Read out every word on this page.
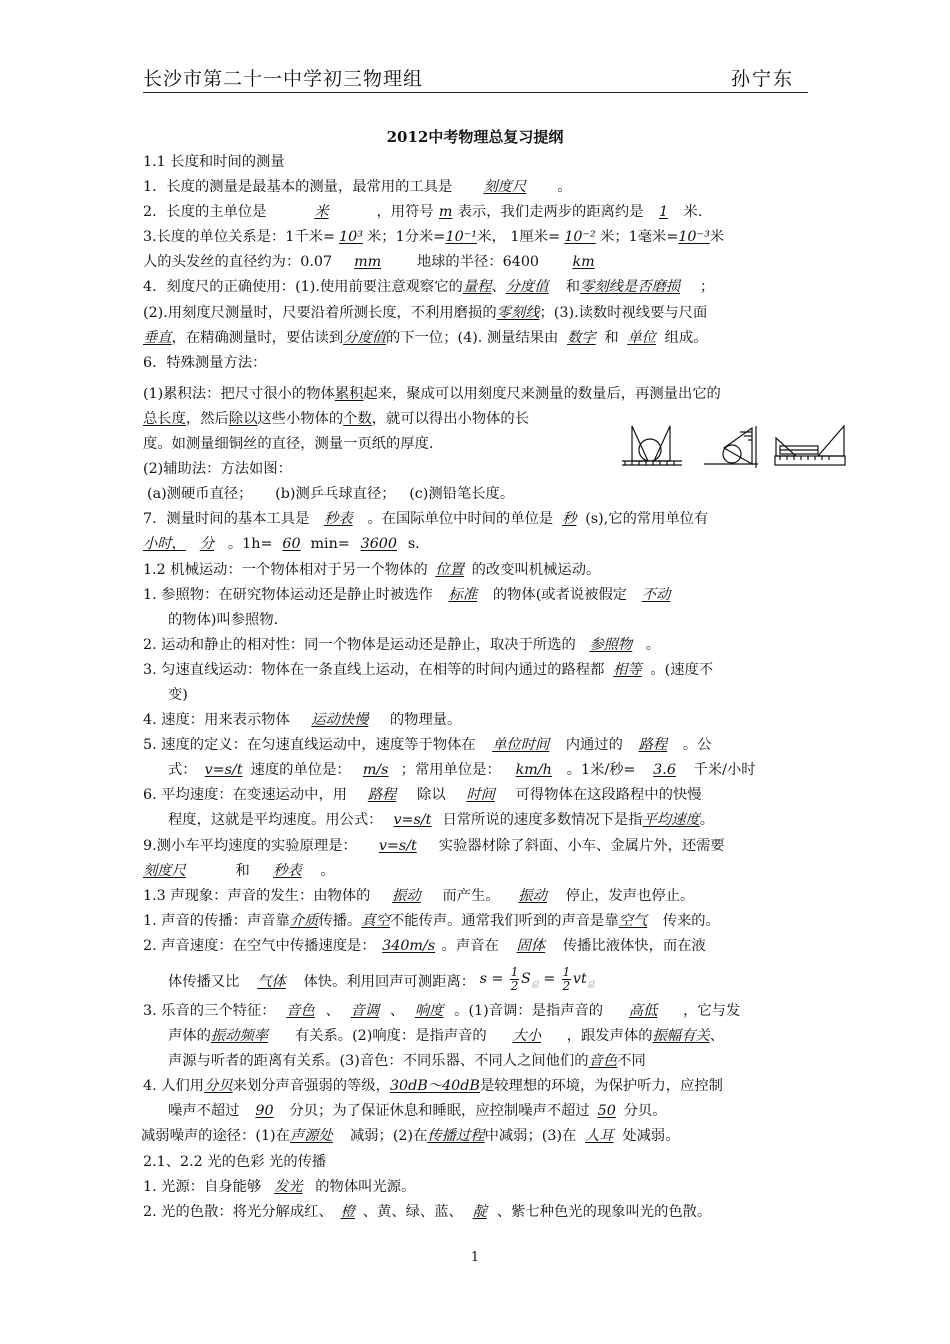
长沙市第二十一中学初三物理组	孙宁东
2012中考物理总复习提纲
1.1 长度和时间的测量
1．长度的测量是最基本的测量，最常用的工具是 刻度尺 。
2．长度的主单位是	米	，用符号 m 表示，我们走两步的距离约是 1 米.
3.长度的单位关系是：1千米= 10³ 米；1分米=10⁻¹米， 1厘米= 10⁻² 米；1毫米=10⁻³米
人的头发丝的直径约为：0.07 mm 地球的半径：6400 km
4．刻度尺的正确使用：(1).使用前要注意观察它的量程、分度值 和零刻线是否磨损 ；
(2).用刻度尺测量时，尺要沿着所测长度，不利用磨损的零刻线；(3).读数时视线要与尺面
垂直，在精确测量时，要估读到分度值的下一位；(4). 测量结果由 数字 和 单位 组成。
6．特殊测量方法：
(1)累积法：把尺寸很小的物体累积起来，聚成可以用刻度尺来测量的数量后，再测量出它的
总长度，然后除以这些小物体的个数，就可以得出小物体的长
度。如测量细铜丝的直径，测量一页纸的厚度.
(2)辅助法：方法如图：
(a)测硬币直径；     (b)测乒乓球直径；   (c)测铅笔长度。
7．测量时间的基本工具是 秒表 。在国际单位中时间的单位是 秒 (s),它的常用单位有
小时， 分 。1h= 60 min= 3600 s.
1.2 机械运动：一个物体相对于另一个物体的 位置 的改变叫机械运动。
1. 参照物：在研究物体运动还是静止时被选作 标准 的物体(或者说被假定 不动
的物体)叫参照物.
2. 运动和静止的相对性：同一个物体是运动还是静止，取决于所选的 参照物 。
3. 匀速直线运动：物体在一条直线上运动，在相等的时间内通过的路程都 相等 。(速度不
变)
4. 速度：用来表示物体 运动快慢 的物理量。
5. 速度的定义：在匀速直线运动中，速度等于物体在 单位时间 内通过的 路程 。公
式： v=s/t 速度的单位是： m/s ；常用单位是： km/h 。1米/秒= 3.6 千米/小时
6. 平均速度：在变速运动中，用 路程 除以 时间 可得物体在这段路程中的快慢
程度，这就是平均速度。用公式： v=s/t 日常所说的速度多数情况下是指平均速度。
9.测小车平均速度的实验原理是： v=s/t 实验器材除了斜面、小车、金属片外，还需要
刻度尺	和 秒表 。
1.3 声现象：声音的发生：由物体的 振动 而产生。 振动 停止，发声也停止。
1. 声音的传播：声音靠介质传播。真空不能传声。通常我们听到的声音是靠空气 传来的。
2. 声音速度：在空气中传播速度是： 340m/s 。声音在 固体 传播比液体快，而在液
体传播又比 气体 体快。利用回声可测距离： $s = \frac{1}{2} S_总 = \frac{1}{2} vt_总$
3. 乐音的三个特征： 音色 、 音调 、 响度 。(1)音调：是指声音的 高低 ，它与发
声体的振动频率 有关系。(2)响度：是指声音的 大小 ，跟发声体的振幅有关、
声源与听者的距离有关系。(3)音色：不同乐器、不同人之间他们的音色不同
4. 人们用分贝来划分声音强弱的等级，30dB～40dB是较理想的环境，为保护听力，应控制
噪声不超过 90 分贝；为了保证休息和睡眠，应控制噪声不超过 50 分贝。
减弱噪声的途径：(1)在声源处 减弱；(2)在传播过程中减弱；(3)在 人耳 处减弱。
2.1、2.2 光的色彩 光的传播
1. 光源：自身能够 发光 的物体叫光源。
2. 光的色散：将光分解成红、 橙 、黄、绿、蓝、 靛 、紫七种色光的现象叫光的色散。
1
